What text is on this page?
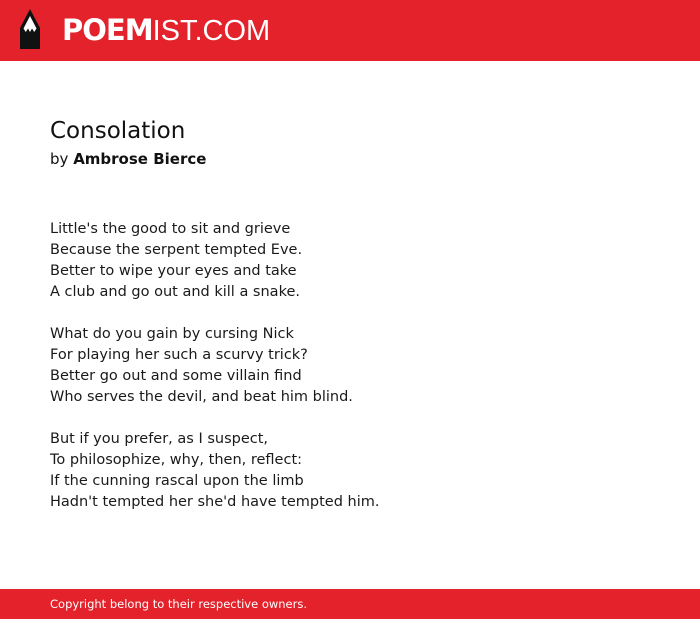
POEMIST.COM
Consolation
by Ambrose Bierce
Little's the good to sit and grieve
Because the serpent tempted Eve.
Better to wipe your eyes and take
A club and go out and kill a snake.
What do you gain by cursing Nick
For playing her such a scurvy trick?
Better go out and some villain find
Who serves the devil, and beat him blind.
But if you prefer, as I suspect,
To philosophize, why, then, reflect:
If the cunning rascal upon the limb
Hadn't tempted her she'd have tempted him.
Copyright belong to their respective owners.
